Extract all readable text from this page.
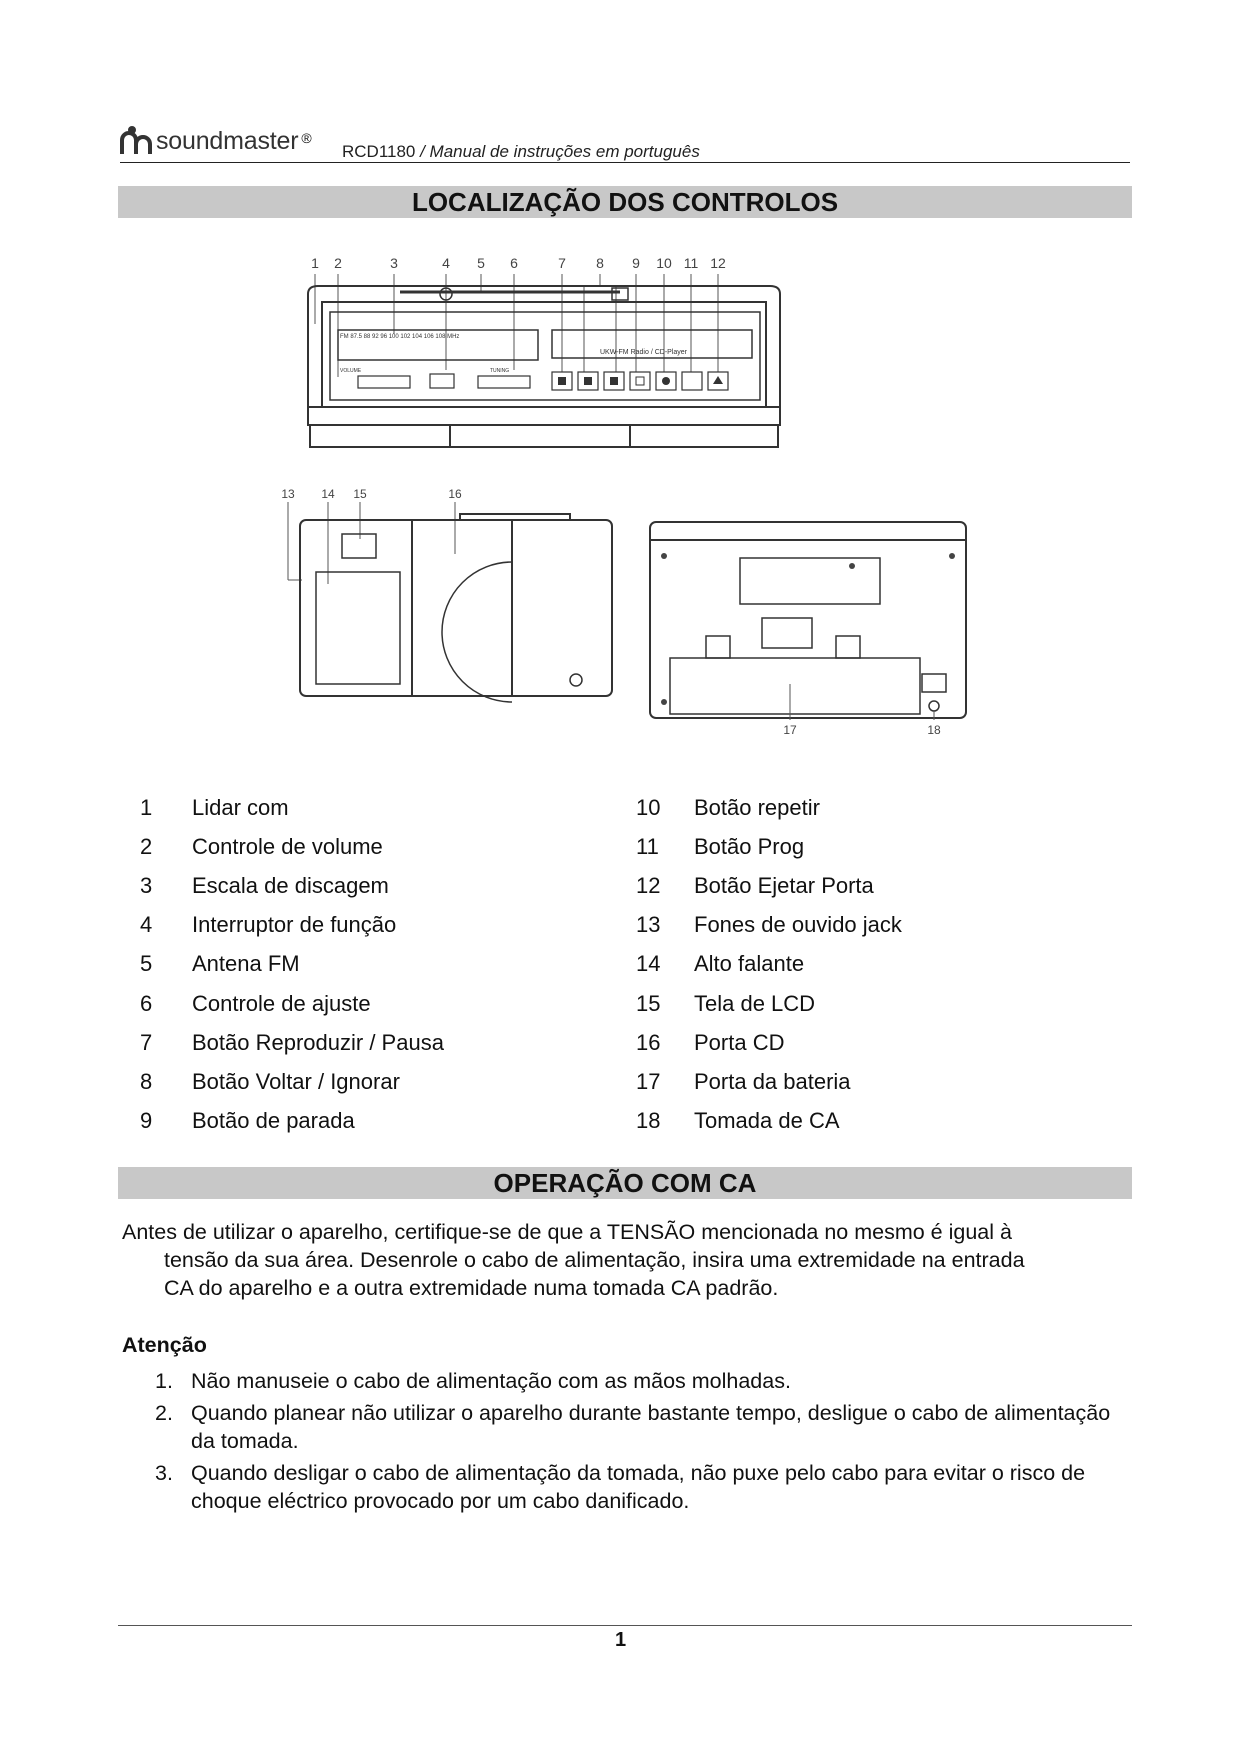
soundmaster ®
RCD1180 / Manual de instruções em português
LOCALIZAÇÃO DOS CONTROLOS
1 2	3	4 5 6	7 8 9 10 11 12
FM 87.5 88 92 96 100 102 104 106 108 MHz
UKW-FM Radio / CD-Player
VOLUME	TUNING
13 14 15	16
17	18
1	Lidar com
2	Controle de volume
3	Escala de discagem
4	Interruptor de função
5	Antena FM
6	Controle de ajuste
7	Botão Reproduzir / Pausa
8	Botão Voltar / Ignorar
9	Botão de parada
10	Botão repetir
11	Botão Prog
12	Botão Ejetar Porta
13	Fones de ouvido jack
14	Alto falante
15	Tela de LCD
16	Porta CD
17	Porta da bateria
18	Tomada de CA
OPERAÇÃO COM CA

Antes de utilizar o aparelho, certifique-se de que a TENSÃO mencionada no mesmo é igual à

tensão da sua área. Desenrole o cabo de alimentação, insira uma extremidade na entrada

CA do aparelho e a outra extremidade numa tomada CA padrão.

Atenção
1. Não manuseie o cabo de alimentação com as mãos molhadas.
2. Quando planear não utilizar o aparelho durante bastante tempo, desligue o cabo de alimentação da tomada.
3. Quando desligar o cabo de alimentação da tomada, não puxe pelo cabo para evitar o risco de choque eléctrico provocado por um cabo danificado.
1
